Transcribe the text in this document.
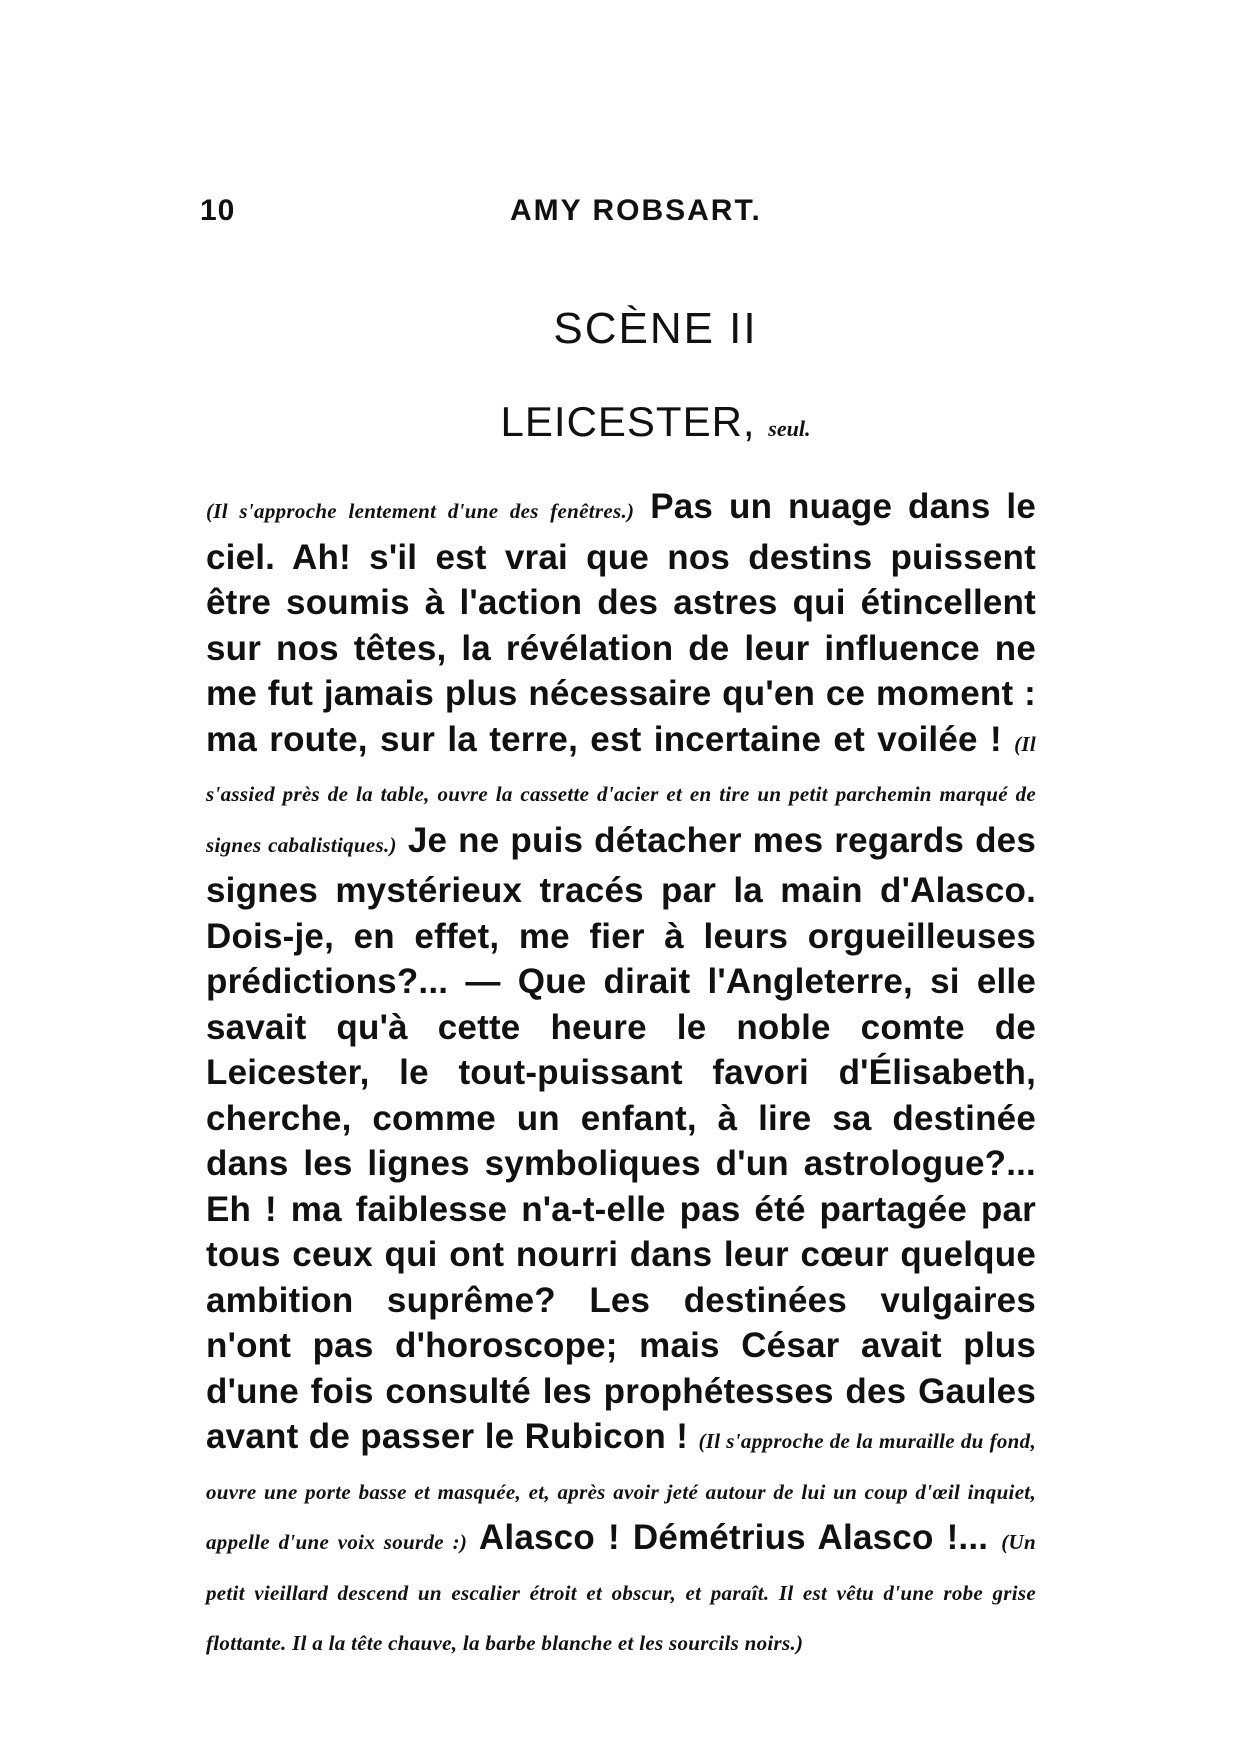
10	AMY ROBSART.
SCÈNE II
LEICESTER, seul.
(Il s'approche lentement d'une des fenêtres.) Pas un nuage dans le ciel. Ah! s'il est vrai que nos destins puissent être soumis à l'action des astres qui étincellent sur nos têtes, la révélation de leur influence ne me fut jamais plus nécessaire qu'en ce moment : ma route, sur la terre, est incertaine et voilée ! (Il s'assied près de la table, ouvre la cassette d'acier et en tire un petit parchemin marqué de signes cabalistiques.) Je ne puis détacher mes regards des signes mystérieux tracés par la main d'Alasco. Dois-je, en effet, me fier à leurs orgueilleuses prédictions?... — Que dirait l'Angleterre, si elle savait qu'à cette heure le noble comte de Leicester, le tout-puissant favori d'Élisabeth, cherche, comme un enfant, à lire sa destinée dans les lignes symboliques d'un astrologue?... Eh ! ma faiblesse n'a-t-elle pas été partagée par tous ceux qui ont nourri dans leur cœur quelque ambition suprême? Les destinées vulgaires n'ont pas d'horoscope; mais César avait plus d'une fois consulté les prophétesses des Gaules avant de passer le Rubicon ! (Il s'approche de la muraille du fond, ouvre une porte basse et masquée, et, après avoir jeté autour de lui un coup d'œil inquiet, appelle d'une voix sourde :) Alasco ! Démétrius Alasco !... (Un petit vieillard descend un escalier étroit et obscur, et paraît. Il est vêtu d'une robe grise flottante. Il a la tête chauve, la barbe blanche et les sourcils noirs.)
